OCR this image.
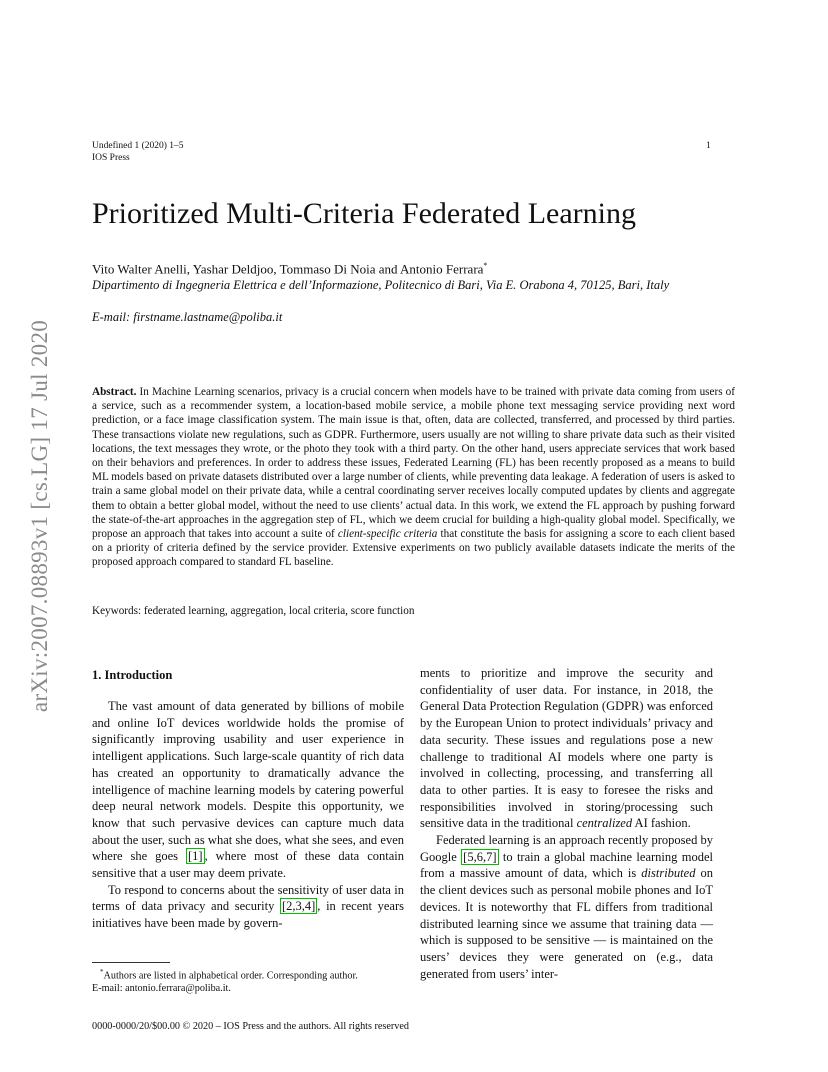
Undefined 1 (2020) 1–5
IOS Press
1
arXiv:2007.08893v1 [cs.LG] 17 Jul 2020
Prioritized Multi-Criteria Federated Learning
Vito Walter Anelli, Yashar Deldjoo, Tommaso Di Noia and Antonio Ferrara*
Dipartimento di Ingegneria Elettrica e dell’Informazione, Politecnico di Bari, Via E. Orabona 4, 70125, Bari, Italy
E-mail: firstname.lastname@poliba.it
Abstract. In Machine Learning scenarios, privacy is a crucial concern when models have to be trained with private data coming from users of a service, such as a recommender system, a location-based mobile service, a mobile phone text messaging service providing next word prediction, or a face image classification system. The main issue is that, often, data are collected, transferred, and processed by third parties. These transactions violate new regulations, such as GDPR. Furthermore, users usually are not willing to share private data such as their visited locations, the text messages they wrote, or the photo they took with a third party. On the other hand, users appreciate services that work based on their behaviors and preferences. In order to address these issues, Federated Learning (FL) has been recently proposed as a means to build ML models based on private datasets distributed over a large number of clients, while preventing data leakage. A federation of users is asked to train a same global model on their private data, while a central coordinating server receives locally computed updates by clients and aggregate them to obtain a better global model, without the need to use clients’ actual data. In this work, we extend the FL approach by pushing forward the state-of-the-art approaches in the aggregation step of FL, which we deem crucial for building a high-quality global model. Specifically, we propose an approach that takes into account a suite of client-specific criteria that constitute the basis for assigning a score to each client based on a priority of criteria defined by the service provider. Extensive experiments on two publicly available datasets indicate the merits of the proposed approach compared to standard FL baseline.
Keywords: federated learning, aggregation, local criteria, score function
1. Introduction

The vast amount of data generated by billions of mobile and online IoT devices worldwide holds the promise of significantly improving usability and user experience in intelligent applications. Such large-scale quantity of rich data has created an opportunity to dramatically advance the intelligence of machine learning models by catering powerful deep neural network models. Despite this opportunity, we know that such pervasive devices can capture much data about the user, such as what she does, what she sees, and even where she goes [1] , where most of these data contain sensitive that a user may deem private.

To respond to concerns about the sensitivity of user data in terms of data privacy and security [2,3,4] , in recent years initiatives have been made by govern-

*Authors are listed in alphabetical order. Corresponding author.
E-mail: antonio.ferrara@poliba.it.

ments to prioritize and improve the security and confidentiality of user data. For instance, in 2018, the General Data Protection Regulation (GDPR) was enforced by the European Union to protect individuals’ privacy and data security. These issues and regulations pose a new challenge to traditional AI models where one party is involved in collecting, processing, and transferring all data to other parties. It is easy to foresee the risks and responsibilities involved in storing/processing such sensitive data in the traditional centralized AI fashion.

Federated learning is an approach recently proposed by Google [5,6,7] to train a global machine learning model from a massive amount of data, which is distributed on the client devices such as personal mobile phones and IoT devices. It is noteworthy that FL differs from traditional distributed learning since we assume that training data — which is supposed to be sensitive — is maintained on the users’ devices they were generated on (e.g., data generated from users’ inter-

0000-0000/20/$00.00 © 2020 – IOS Press and the authors. All rights reserved
